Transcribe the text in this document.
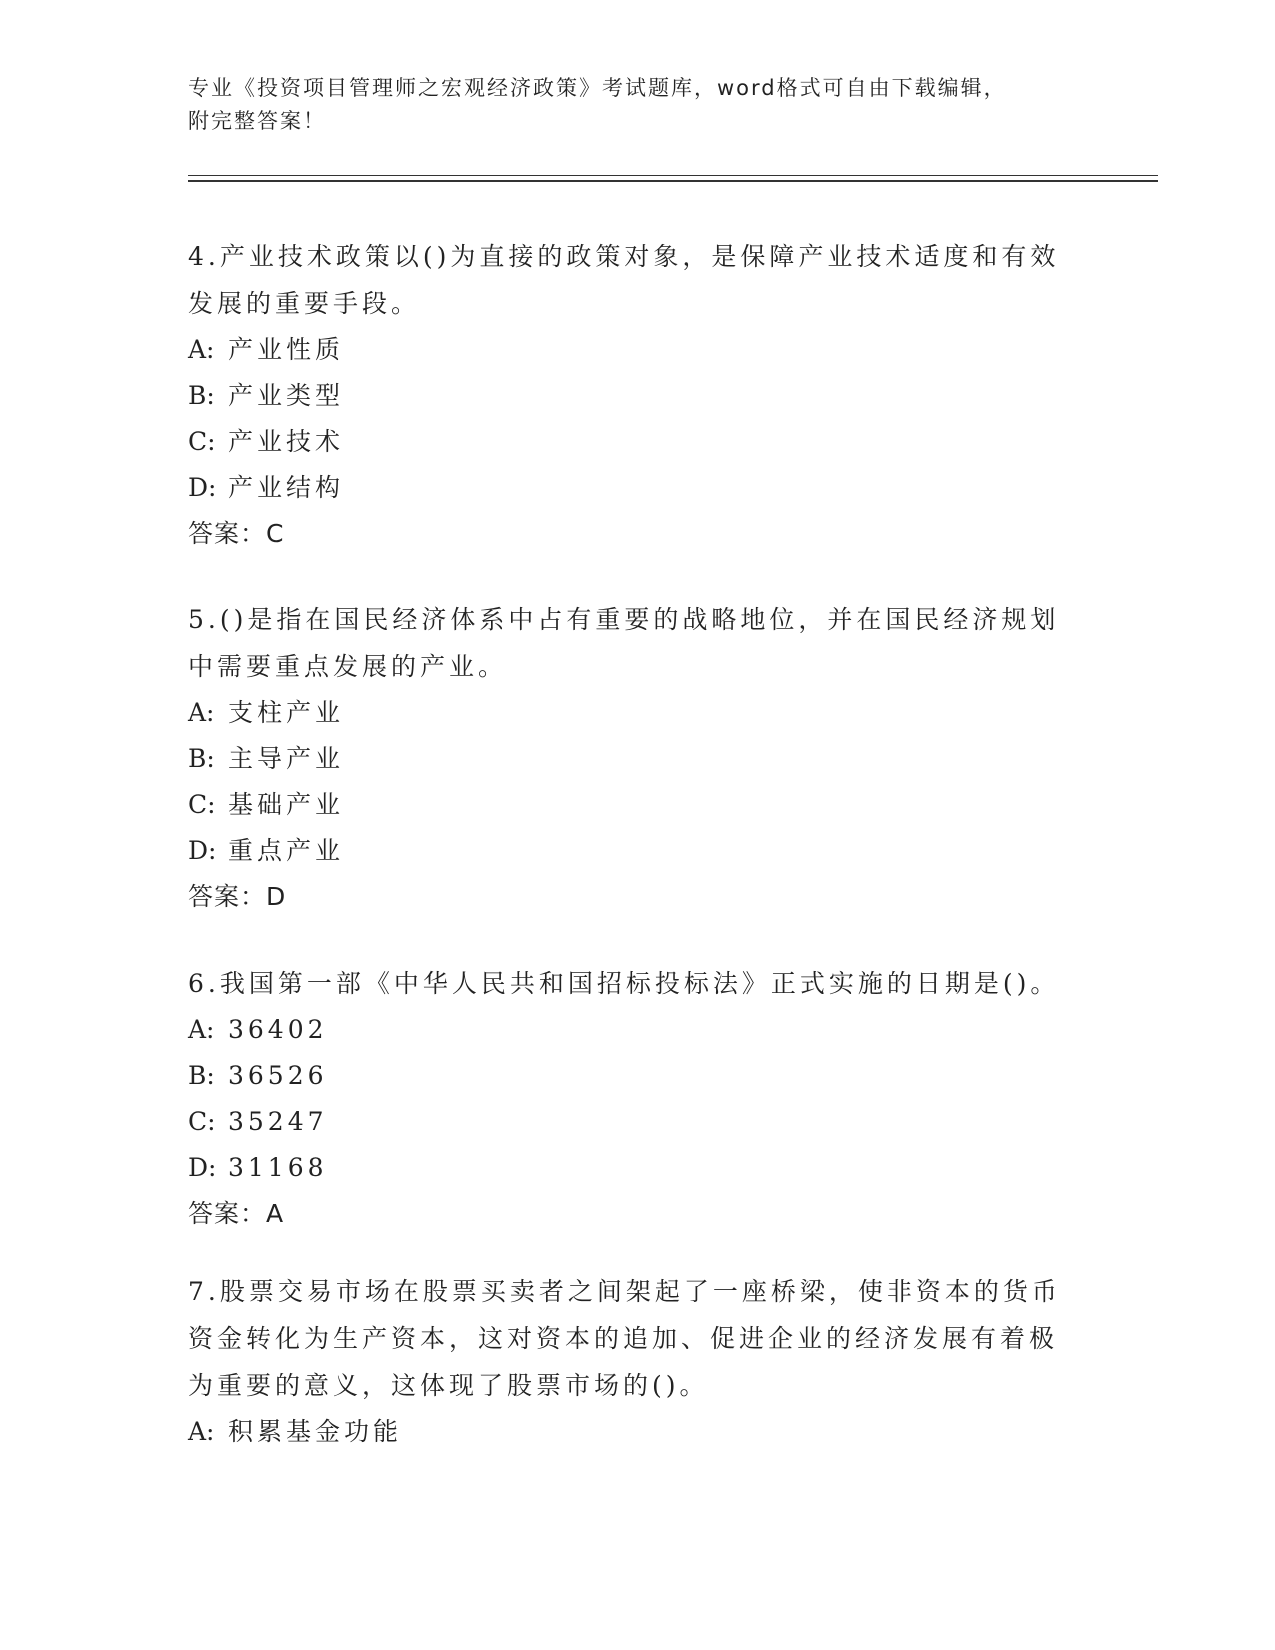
专业《投资项目管理师之宏观经济政策》考试题库，word格式可自由下载编辑，
附完整答案！

4.产业技术政策以()为直接的政策对象，是保障产业技术适度和有效发展的重要手段。

A: 产业性质

B: 产业类型

C: 产业技术

D: 产业结构

答案：C

5.()是指在国民经济体系中占有重要的战略地位，并在国民经济规划中需要重点发展的产业。

A: 支柱产业

B: 主导产业

C: 基础产业

D: 重点产业

答案：D

6.我国第一部《中华人民共和国招标投标法》正式实施的日期是()。

A: 36402

B: 36526

C: 35247

D: 31168

答案：A

7.股票交易市场在股票买卖者之间架起了一座桥梁，使非资本的货币资金转化为生产资本，这对资本的追加、促进企业的经济发展有着极为重要的意义，这体现了股票市场的()。

A: 积累基金功能
